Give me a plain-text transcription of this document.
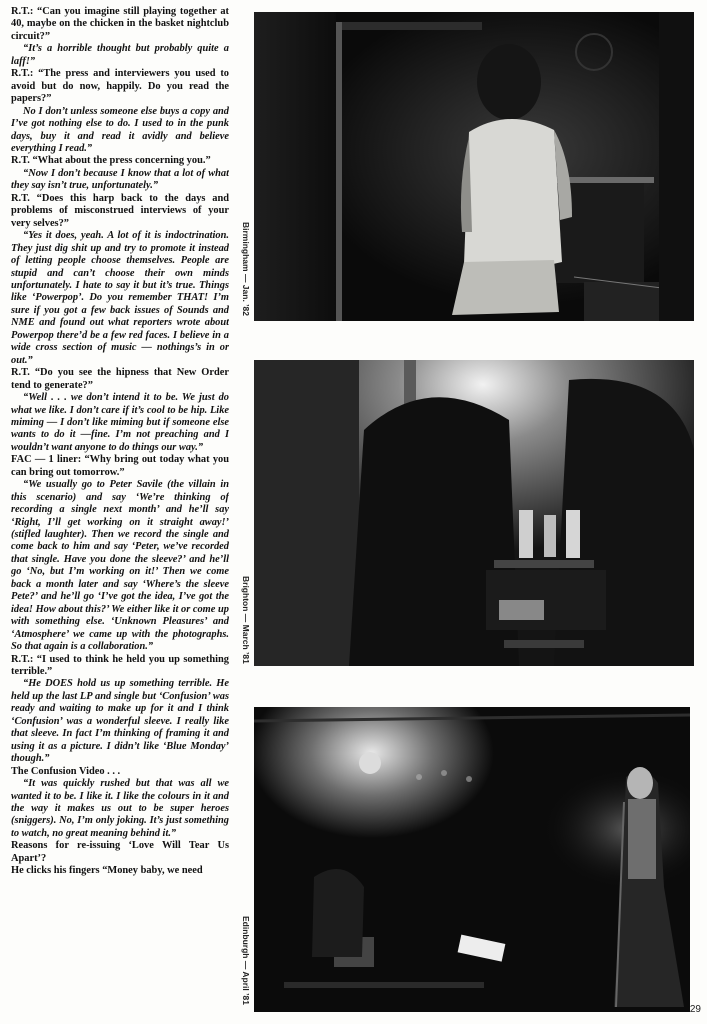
R.T.: “Can you imagine still playing together at 40, maybe on the chicken in the basket nightclub circuit?”

“It’s a horrible thought but probably quite a laff!”

R.T.: “The press and interviewers you used to avoid but do now, happily. Do you read the papers?”

No I don’t unless someone else buys a copy and I’ve got nothing else to do. I used to in the punk days, buy it and read it avidly and believe everything I read.”

R.T. “What about the press concerning you.”

“Now I don’t because I know that a lot of what they say isn’t true, unfortunately.”

R.T. “Does this harp back to the days and problems of misconstrued interviews of your very selves?”

“Yes it does, yeah. A lot of it is indoctrination. They just dig shit up and try to promote it instead of letting people choose themselves. People are stupid and can’t choose their own minds unfortunately. I hate to say it but it’s true. Things like ‘Powerpop’. Do you remember THAT! I’m sure if you got a few back issues of Sounds and NME and found out what reporters wrote about Powerpop there’d be a few red faces. I believe in a wide cross section of music — nothings’s in or out.”

R.T. “Do you see the hipness that New Order tend to generate?”

“Well . . . we don’t intend it to be. We just do what we like. I don’t care if it’s cool to be hip. Like miming — I don’t like miming but if someone else wants to do it —fine. I’m not preaching and I wouldn’t want anyone to do things our way.”

FAC — 1 liner: “Why bring out today what you can bring out tomorrow.”

“We usually go to Peter Savile (the villain in this scenario) and say ‘We’re thinking of recording a single next month’ and he’ll say ‘Right, I’ll get working on it straight away!’ (stifled laughter). Then we record the single and come back to him and say ‘Peter, we’ve recorded that single. Have you done the sleeve?’ and he’ll go ‘No, but I’m working on it!’ Then we come back a month later and say ‘Where’s the sleeve Pete?’ and he’ll go ‘I’ve got the idea, I’ve got the idea! How about this?’ We either like it or come up with something else. ‘Unknown Pleasures’ and ‘Atmosphere’ we came up with the photographs. So that again is a collaboration.”

R.T.: “I used to think he held you up something terrible.”

“He DOES hold us up something terrible. He held up the last LP and single but ‘Confusion’ was ready and waiting to make up for it and I think ‘Confusion’ was a wonderful sleeve. I really like that sleeve. In fact I’m thinking of framing it and using it as a picture. I didn’t like ‘Blue Monday’ though.”

The Confusion Video . . .

“It was quickly rushed but that was all we wanted it to be. I like it. I like the colours in it and the way it makes us out to be super heroes (sniggers). No, I’m only joking. It’s just something to watch, no great meaning behind it.”

Reasons for re-issuing ‘Love Will Tear Us Apart’?

He clicks his fingers “Money baby, we need

Birmingham — Jan. ’82
Brighton — March ’81
Edinburgh — April ’81
29
